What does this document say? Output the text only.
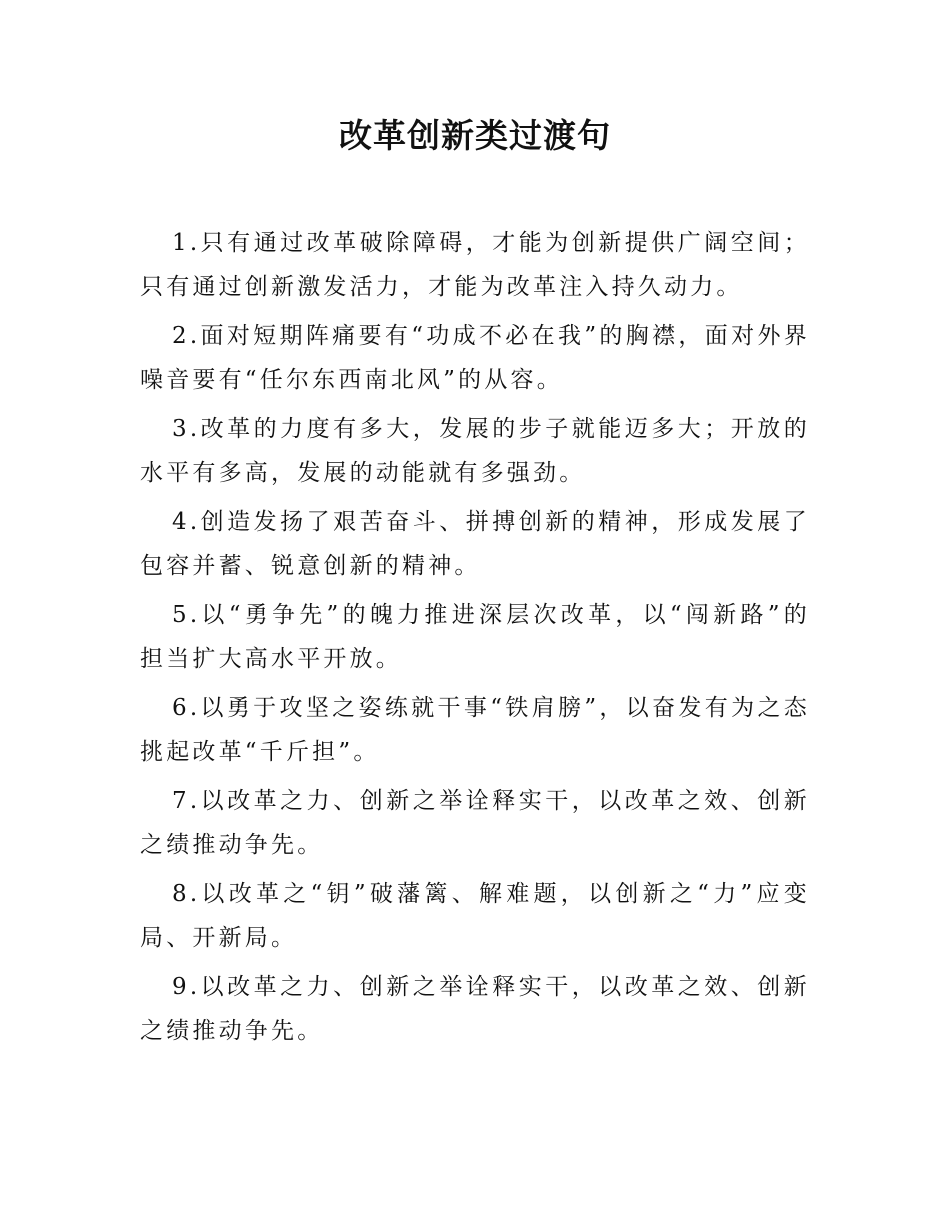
改革创新类过渡句

1.只有通过改革破除障碍，才能为创新提供广阔空间；只有通过创新激发活力，才能为改革注入持久动力。

2.面对短期阵痛要有“功成不必在我”的胸襟，面对外界噪音要有“任尔东西南北风”的从容。

3.改革的力度有多大，发展的步子就能迈多大；开放的水平有多高，发展的动能就有多强劲。

4.创造发扬了艰苦奋斗、拼搏创新的精神，形成发展了包容并蓄、锐意创新的精神。

5.以“勇争先”的魄力推进深层次改革，以“闯新路”的担当扩大高水平开放。

6.以勇于攻坚之姿练就干事“铁肩膀”，以奋发有为之态挑起改革“千斤担”。

7.以改革之力、创新之举诠释实干，以改革之效、创新之绩推动争先。

8.以改革之“钥”破藩篱、解难题，以创新之“力”应变局、开新局。

9.以改革之力、创新之举诠释实干，以改革之效、创新之绩推动争先。
